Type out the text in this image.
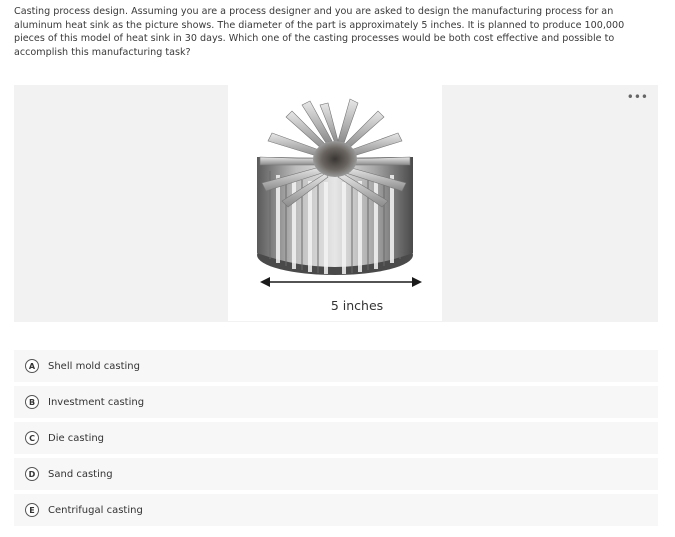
Casting process design. Assuming you are a process designer and you are asked to design the manufacturing process for an aluminum heat sink as the picture shows. The diameter of the part is approximately 5 inches. It is planned to produce 100,000 pieces of this model of heat sink in 30 days. Which one of the casting processes would be both cost effective and possible to accomplish this manufacturing task?

5 inches
•••
A	Shell mold casting
B	Investment casting
C	Die casting
D	Sand casting
E	Centrifugal casting
